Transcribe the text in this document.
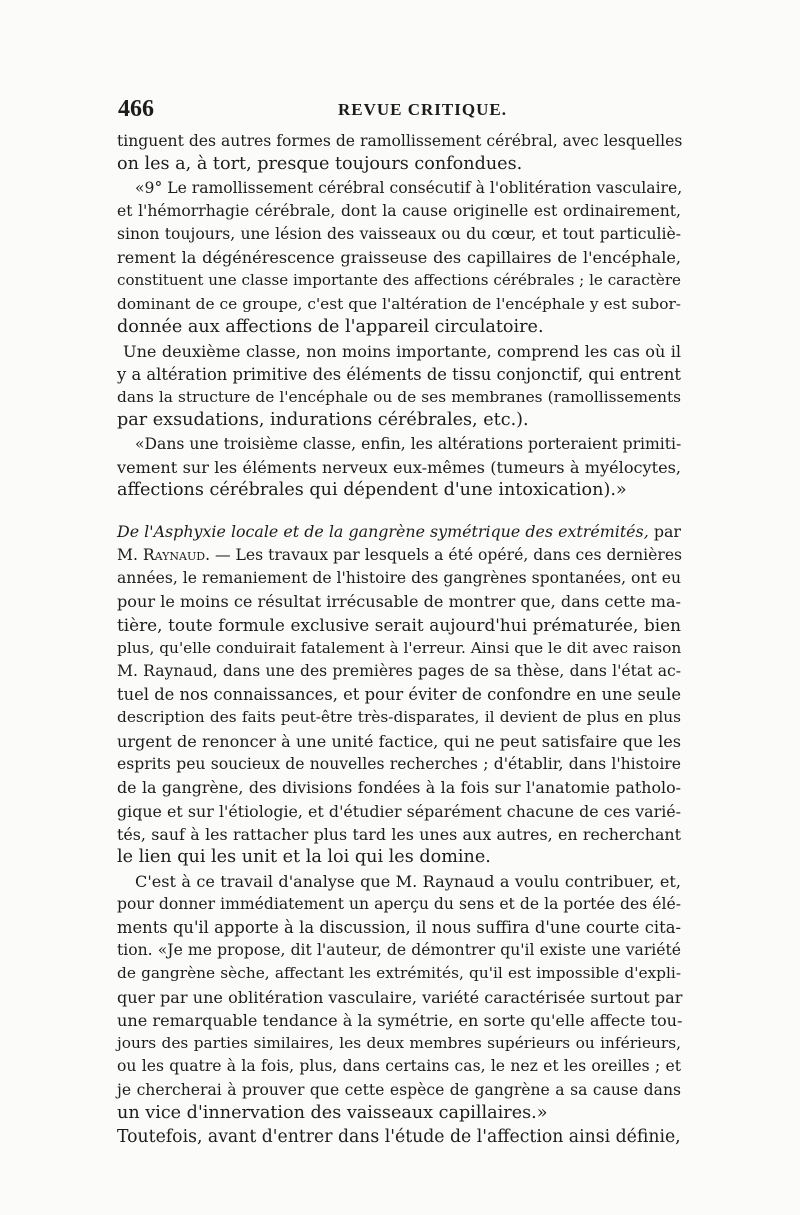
466	REVUE CRITIQUE.
tinguent des autres formes de ramollissement cérébral, avec lesquelles
on les a, à tort, presque toujours confondues.
«9° Le ramollissement cérébral consécutif à l'oblitération vasculaire,
et l'hémorrhagie cérébrale, dont la cause originelle est ordinairement,
sinon toujours, une lésion des vaisseaux ou du cœur, et tout particuliè-
rement la dégénérescence graisseuse des capillaires de l'encéphale,
constituent une classe importante des affections cérébrales ; le caractère
dominant de ce groupe, c'est que l'altération de l'encéphale y est subor-
donnée aux affections de l'appareil circulatoire.
Une deuxième classe, non moins importante, comprend les cas où il
y a altération primitive des éléments de tissu conjonctif, qui entrent
dans la structure de l'encéphale ou de ses membranes (ramollissements
par exsudations, indurations cérébrales, etc.).
«Dans une troisième classe, enfin, les altérations porteraient primiti-
vement sur les éléments nerveux eux-mêmes (tumeurs à myélocytes,
affections cérébrales qui dépendent d'une intoxication).»
De l'Asphyxie locale et de la gangrène symétrique des extrémités, par
M. Raynaud. — Les travaux par lesquels a été opéré, dans ces dernières
années, le remaniement de l'histoire des gangrènes spontanées, ont eu
pour le moins ce résultat irrécusable de montrer que, dans cette ma-
tière, toute formule exclusive serait aujourd'hui prématurée, bien
plus, qu'elle conduirait fatalement à l'erreur. Ainsi que le dit avec raison
M. Raynaud, dans une des premières pages de sa thèse, dans l'état ac-
tuel de nos connaissances, et pour éviter de confondre en une seule
description des faits peut-être très-disparates, il devient de plus en plus
urgent de renoncer à une unité factice, qui ne peut satisfaire que les
esprits peu soucieux de nouvelles recherches ; d'établir, dans l'histoire
de la gangrène, des divisions fondées à la fois sur l'anatomie patholo-
gique et sur l'étiologie, et d'étudier séparément chacune de ces varié-
tés, sauf à les rattacher plus tard les unes aux autres, en recherchant
le lien qui les unit et la loi qui les domine.
C'est à ce travail d'analyse que M. Raynaud a voulu contribuer, et,
pour donner immédiatement un aperçu du sens et de la portée des élé-
ments qu'il apporte à la discussion, il nous suffira d'une courte cita-
tion. «Je me propose, dit l'auteur, de démontrer qu'il existe une variété
de gangrène sèche, affectant les extrémités, qu'il est impossible d'expli-
quer par une oblitération vasculaire, variété caractérisée surtout par
une remarquable tendance à la symétrie, en sorte qu'elle affecte tou-
jours des parties similaires, les deux membres supérieurs ou inférieurs,
ou les quatre à la fois, plus, dans certains cas, le nez et les oreilles ; et
je chercherai à prouver que cette espèce de gangrène a sa cause dans
un vice d'innervation des vaisseaux capillaires.»
Toutefois, avant d'entrer dans l'étude de l'affection ainsi définie,
